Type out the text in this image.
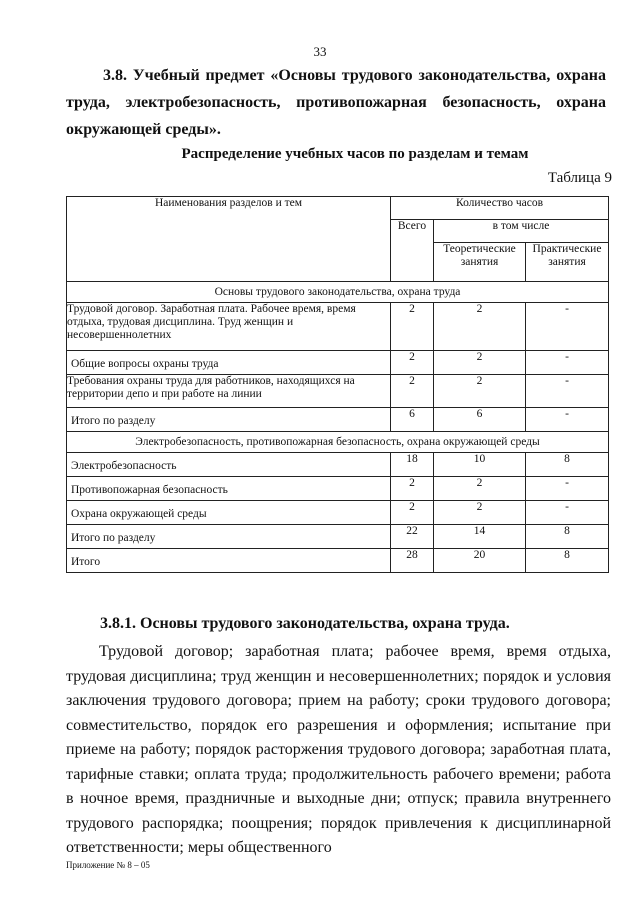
33
3.8. Учебный предмет «Основы трудового законодательства, охрана
труда, электробезопасность, противопожарная безопасность, охрана
окружающей среды».
Распределение учебных часов по разделам и темам
Таблица 9
Наименования разделов и тем	Количество часов		
	Всего	в том числе	
		Теоретические занятия	Практические занятия
Основы трудового законодательства, охрана труда			
Трудовой договор. Заработная плата. Рабочее время, время отдыха, трудовая дисциплина. Труд женщин и несовершеннолетних	2	2	-
Общие вопросы охраны труда	2	2	-
Требования охраны труда для работников, находящихся на территории депо и при работе на линии	2	2	-
Итого по разделу	6	6	-
Электробезопасность, противопожарная безопасность, охрана окружающей среды			
Электробезопасность	18	10	8
Противопожарная безопасность	2	2	-
Охрана окружающей среды	2	2	-
Итого по разделу	22	14	8
Итого	28	20	8
3.8.1. Основы трудового законодательства, охрана труда.

Трудовой договор; заработная плата; рабочее время, время отдыха, трудовая дисциплина; труд женщин и несовершеннолетних; порядок и условия заключения трудового договора; прием на работу; сроки трудового договора; совместительство, порядок его разрешения и оформления; испытание при приеме на работу; порядок расторжения трудового договора; заработная плата, тарифные ставки; оплата труда; продолжительность рабочего времени; работа в ночное время, праздничные и выходные дни; отпуск; правила внутреннего трудового распорядка; поощрения; порядок привлечения к дисциплинарной ответственности; меры общественного

Приложение № 8 – 05
